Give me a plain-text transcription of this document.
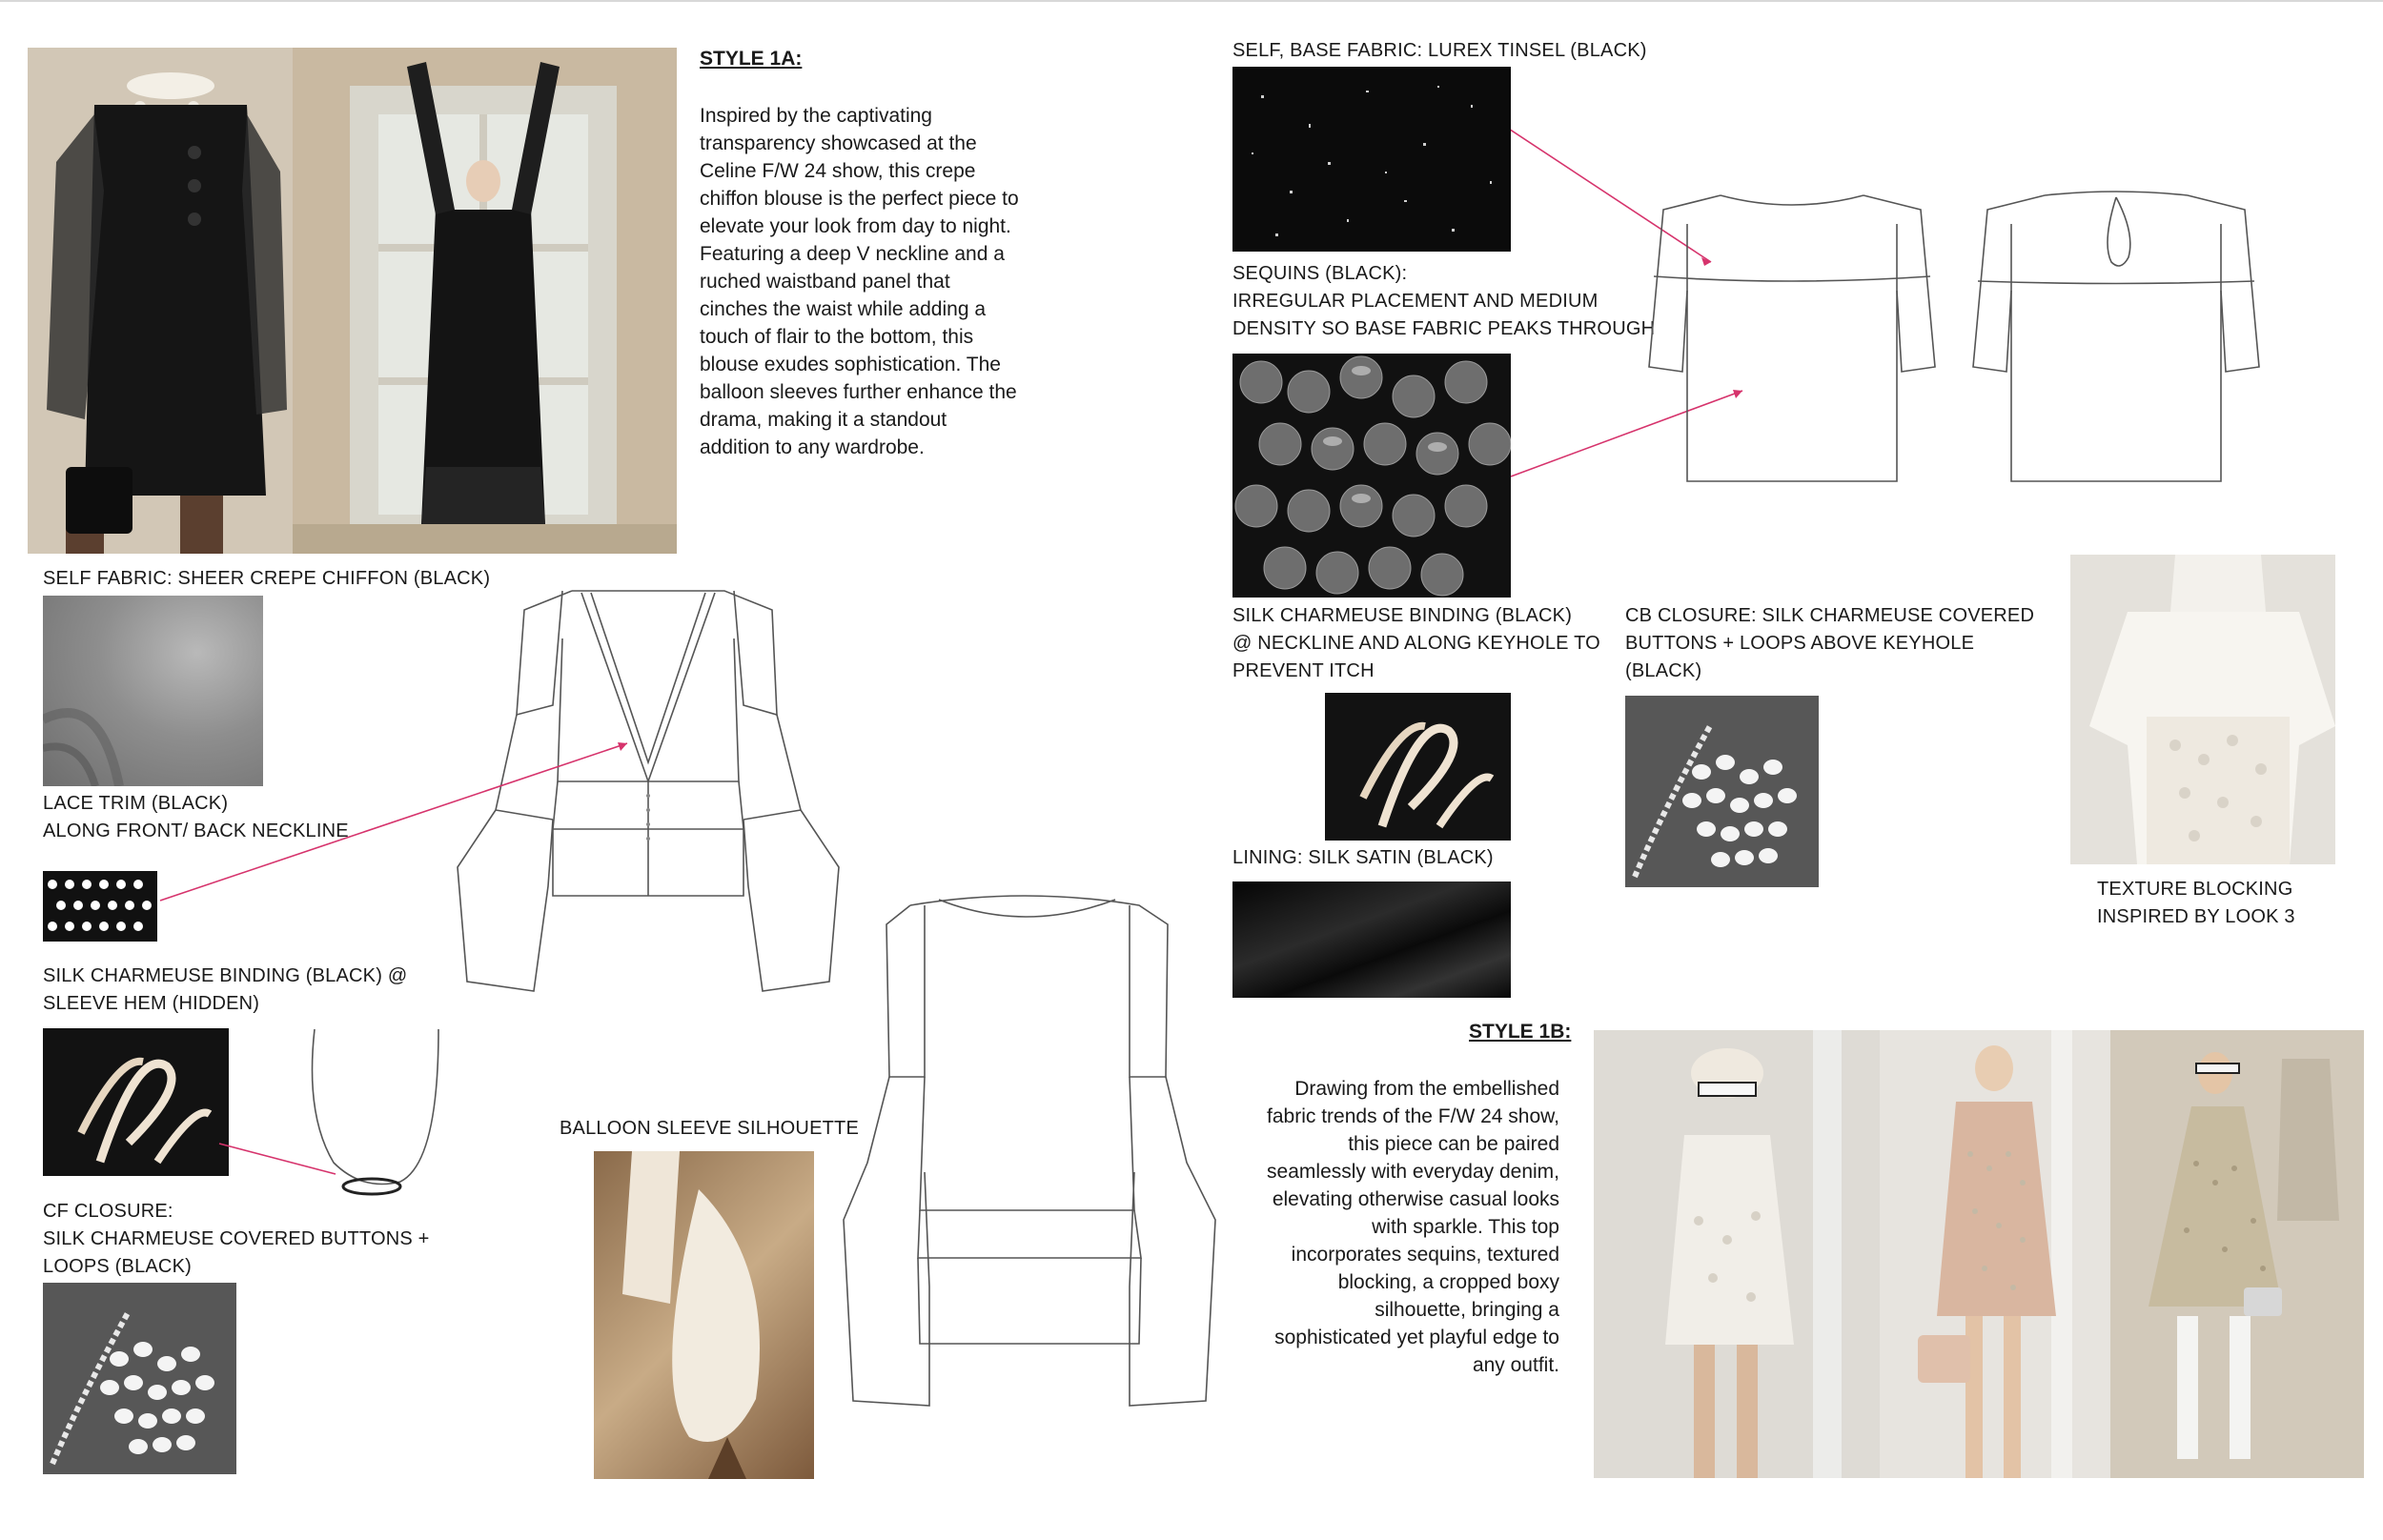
STYLE 1A:
Inspired by the captivating transparency showcased at the Celine F/W 24 show, this crepe chiffon blouse is the perfect piece to elevate your look from day to night. Featuring a deep V neckline and a ruched waistband panel that cinches the waist while adding a touch of flair to the bottom, this blouse exudes sophistication. The balloon sleeves further enhance the drama, making it a standout addition to any wardrobe.
SELF FABRIC: SHEER CREPE CHIFFON (BLACK)
LACE TRIM (BLACK)
ALONG FRONT/ BACK NECKLINE
SILK CHARMEUSE BINDING (BLACK) @
SLEEVE HEM (HIDDEN)
CF CLOSURE:
SILK CHARMEUSE COVERED BUTTONS +
LOOPS (BLACK)
BALLOON SLEEVE SILHOUETTE
SELF, BASE FABRIC: LUREX TINSEL (BLACK)
SEQUINS (BLACK):
IRREGULAR PLACEMENT AND MEDIUM
DENSITY SO BASE FABRIC PEAKS THROUGH
SILK CHARMEUSE BINDING (BLACK)
@ NECKLINE AND ALONG KEYHOLE TO
PREVENT ITCH
LINING: SILK SATIN (BLACK)
CB CLOSURE: SILK CHARMEUSE COVERED
BUTTONS + LOOPS ABOVE KEYHOLE
(BLACK)
TEXTURE BLOCKING
INSPIRED BY LOOK 3
STYLE 1B:
Drawing from the embellished
fabric trends of the F/W 24 show,
this piece can be paired
seamlessly with everyday denim,
elevating otherwise casual looks
with sparkle. This top
incorporates sequins, textured
blocking, a cropped boxy
silhouette, bringing a
sophisticated yet playful edge to
any outfit.
